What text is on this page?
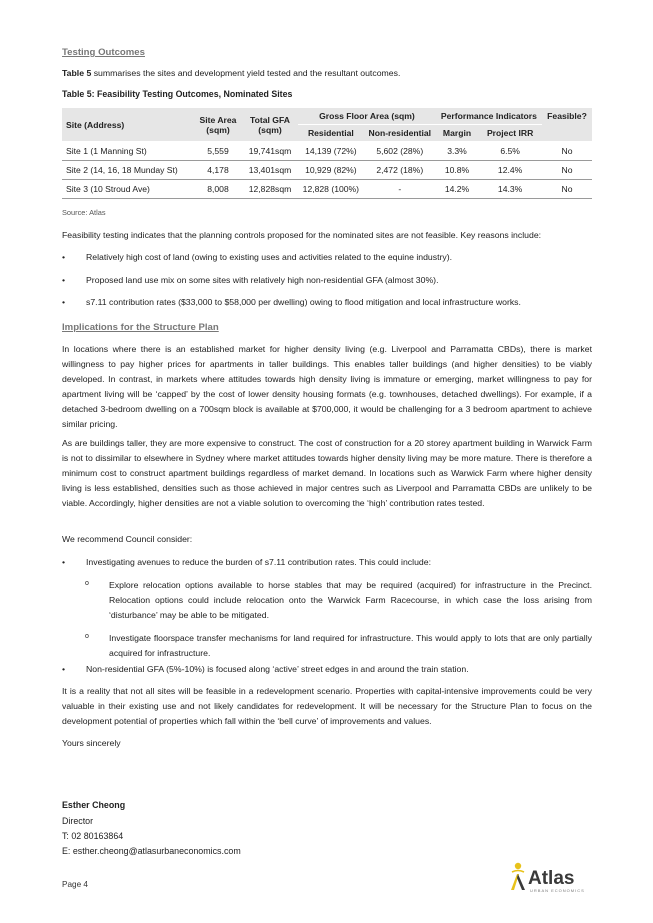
Testing Outcomes
Table 5 summarises the sites and development yield tested and the resultant outcomes.
Table 5: Feasibility Testing Outcomes, Nominated Sites
Site (Address)	Site Area (sqm)	Total GFA (sqm)	Gross Floor Area (sqm)		Performance Indicators		Feasible?
			Residential	Non-residential	Margin	Project IRR	
Site 1 (1 Manning St)	5,559	19,741sqm	14,139 (72%)	5,602 (28%)	3.3%	6.5%	No
Site 2 (14, 16, 18 Munday St)	4,178	13,401sqm	10,929 (82%)	2,472 (18%)	10.8%	12.4%	No
Site 3 (10 Stroud Ave)	8,008	12,828sqm	12,828 (100%)	-	14.2%	14.3%	No
Source: Atlas
Feasibility testing indicates that the planning controls proposed for the nominated sites are not feasible. Key reasons include:
• Relatively high cost of land (owing to existing uses and activities related to the equine industry).
• Proposed land use mix on some sites with relatively high non-residential GFA (almost 30%).
• s7.11 contribution rates ($33,000 to $58,000 per dwelling) owing to flood mitigation and local infrastructure works.
Implications for the Structure Plan
In locations where there is an established market for higher density living (e.g. Liverpool and Parramatta CBDs), there is market willingness to pay higher prices for apartments in taller buildings. This enables taller buildings (and higher densities) to be viably developed. In contrast, in markets where attitudes towards high density living is immature or emerging, market willingness to pay for apartment living will be ‘capped’ by the cost of lower density housing formats (e.g. townhouses, detached dwellings). For example, if a detached 3-bedroom dwelling on a 700sqm block is available at $700,000, it would be challenging for a 3 bedroom apartment to achieve similar pricing.
As are buildings taller, they are more expensive to construct. The cost of construction for a 20 storey apartment building in Warwick Farm is not to dissimilar to elsewhere in Sydney where market attitudes towards higher density living may be more mature. There is therefore a minimum cost to construct apartment buildings regardless of market demand. In locations such as Warwick Farm where higher density living is less established, densities such as those achieved in major centres such as Liverpool and Parramatta CBDs are unlikely to be viable. Accordingly, higher densities are not a viable solution to overcoming the ‘high’ contribution rates tested.
We recommend Council consider:
• Investigating avenues to reduce the burden of s7.11 contribution rates. This could include:
o Explore relocation options available to horse stables that may be required (acquired) for infrastructure in the Precinct. Relocation options could include relocation onto the Warwick Farm Racecourse, in which case the loss arising from ‘disturbance’ may be able to be mitigated.
o Investigate floorspace transfer mechanisms for land required for infrastructure. This would apply to lots that are only partially acquired for infrastructure.
• Non-residential GFA (5%-10%) is focused along ‘active’ street edges in and around the train station.
It is a reality that not all sites will be feasible in a redevelopment scenario. Properties with capital-intensive improvements could be very valuable in their existing use and not likely candidates for redevelopment. It will be necessary for the Structure Plan to focus on the development potential of properties which fall within the ‘bell curve’ of improvements and values.
Yours sincerely
Esther Cheong
Director
T: 02 80163864
E: esther.cheong@atlasurbaneconomics.com
Page 4	Atlas
URBAN ECONOMICS
